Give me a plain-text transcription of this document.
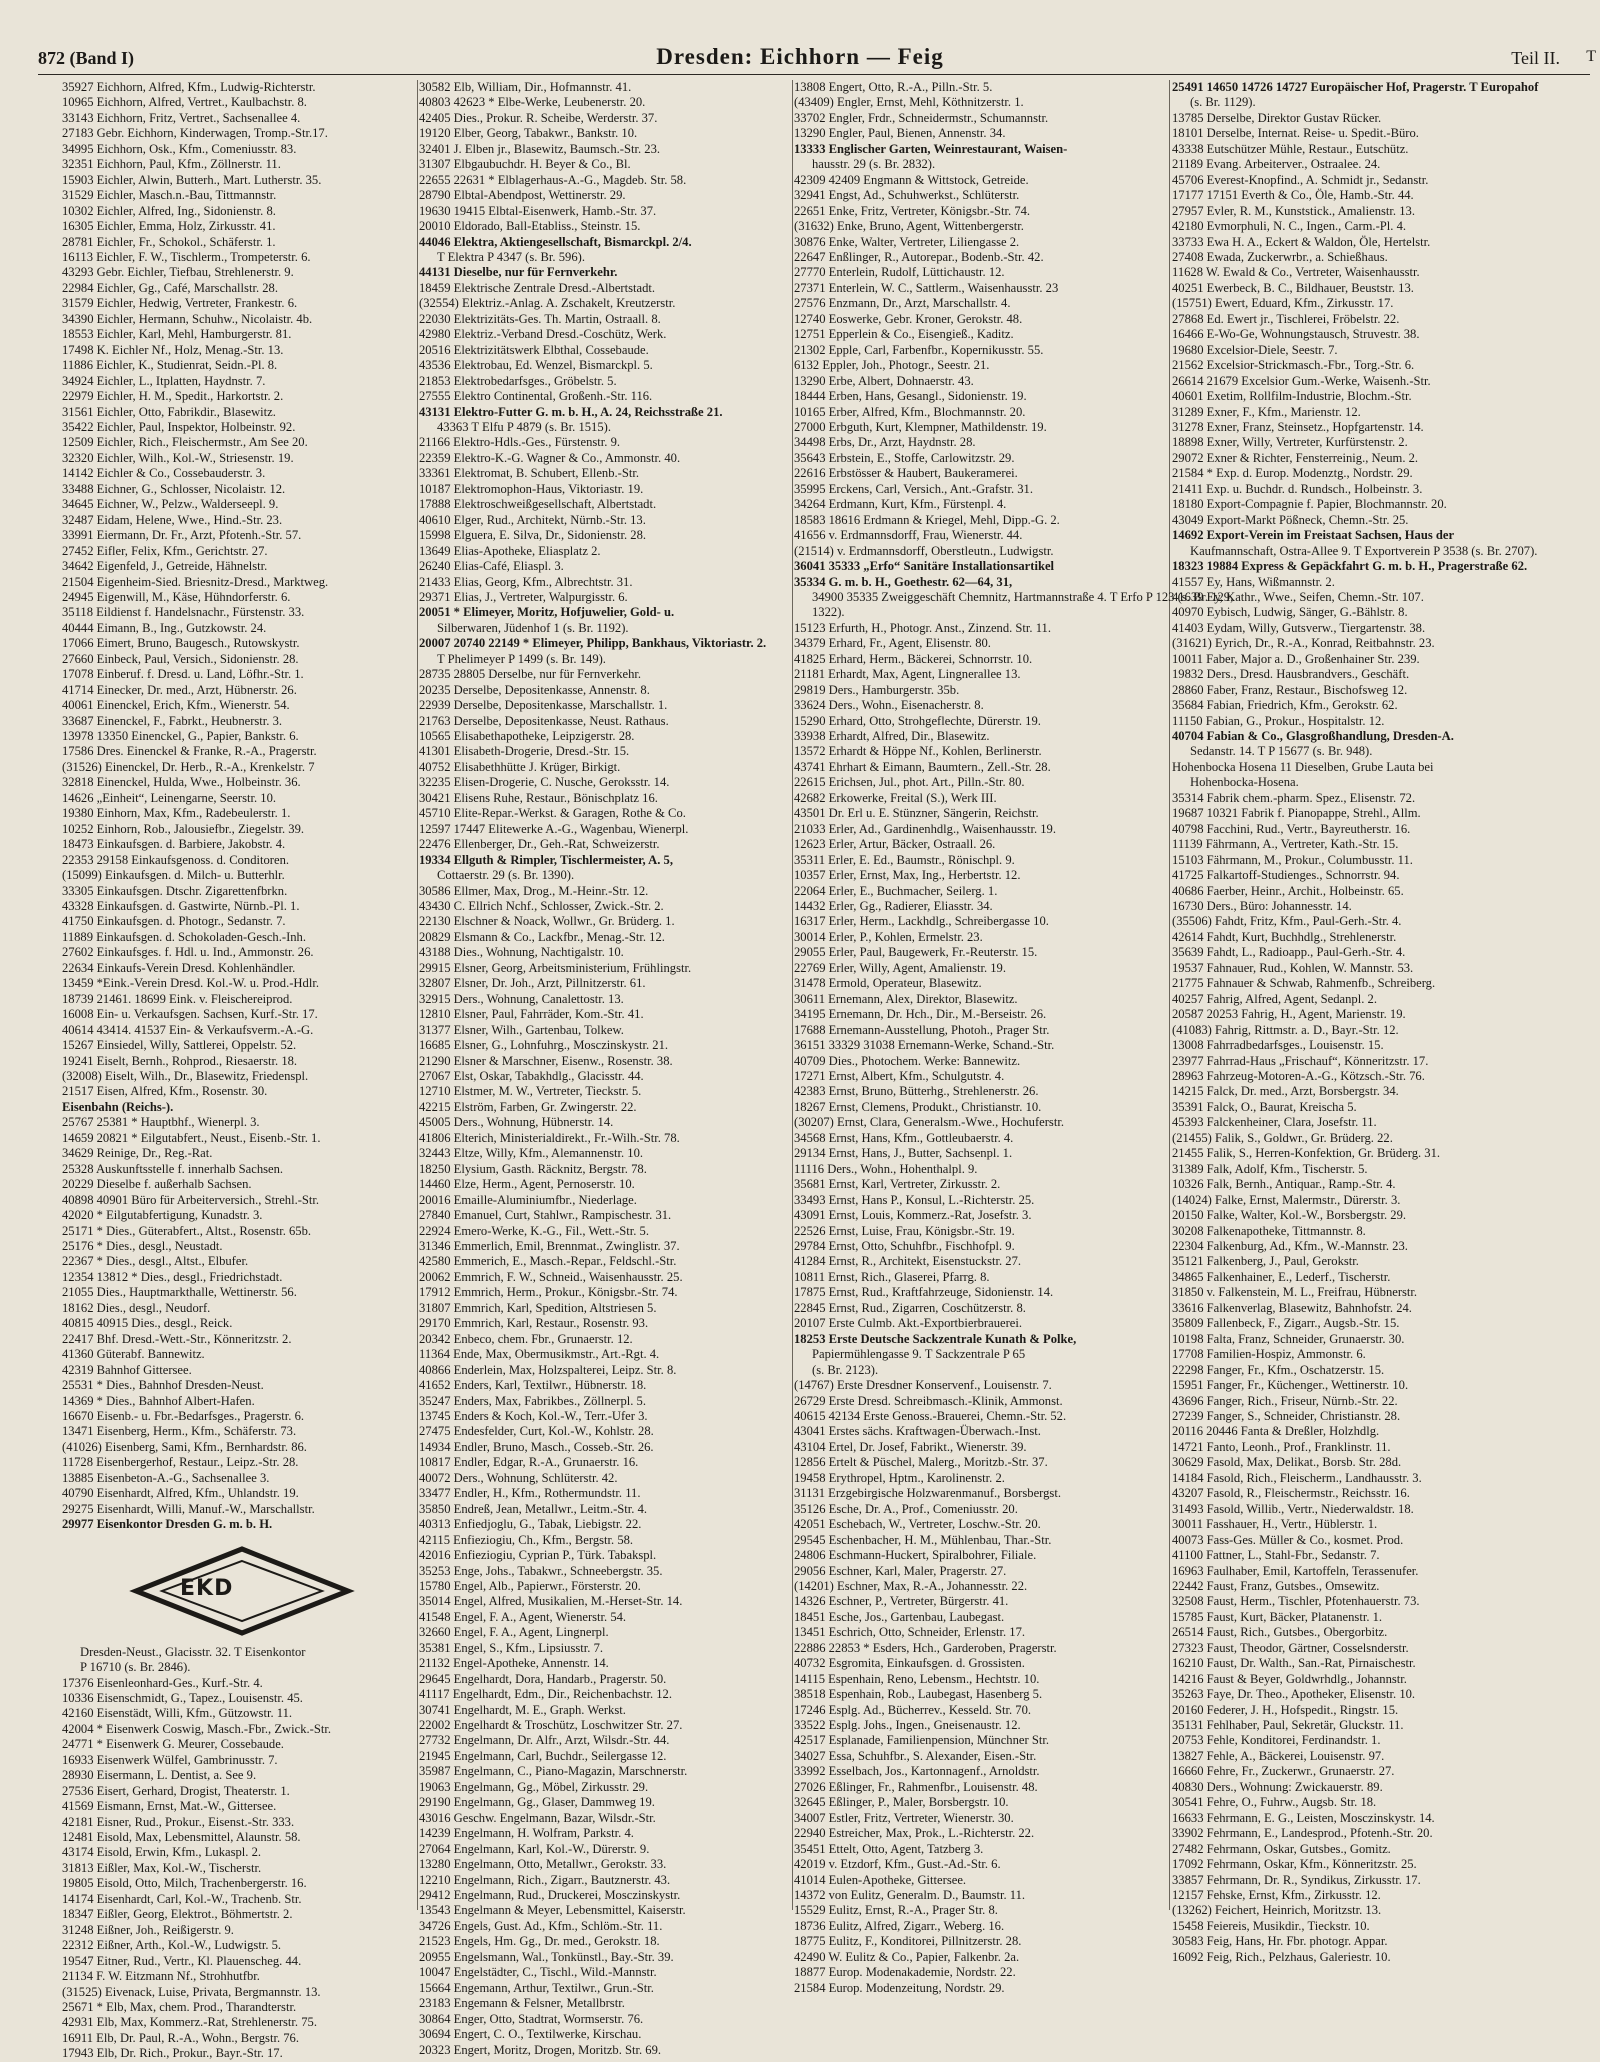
872 (Band I)	Dresden: Eichhorn — Feig	Teil II. T
35927 Eichhorn, Alfred, Kfm., Ludwig-Richterstr.
10965 Eichhorn, Alfred, Vertret., Kaulbachstr. 8.
33143 Eichhorn, Fritz, Vertret., Sachsenallee 4.
27183 Gebr. Eichhorn, Kinderwagen, Tromp.-Str.17.
34995 Eichhorn, Osk., Kfm., Comeniusstr. 83.
32351 Eichhorn, Paul, Kfm., Zöllnerstr. 11.
15903 Eichler, Alwin, Butterh., Mart. Lutherstr. 35.
31529 Eichler, Masch.n.-Bau, Tittmannstr.
10302 Eichler, Alfred, Ing., Sidonienstr. 8.
16305 Eichler, Emma, Holz, Zirkusstr. 41.
28781 Eichler, Fr., Schokol., Schäferstr. 1.
16113 Eichler, F. W., Tischlerm., Trompeterstr. 6.
43293 Gebr. Eichler, Tiefbau, Strehlenerstr. 9.
22984 Eichler, Gg., Café, Marschallstr. 28.
31579 Eichler, Hedwig, Vertreter, Frankestr. 6.
34390 Eichler, Hermann, Schuhw., Nicolaistr. 4b.
18553 Eichler, Karl, Mehl, Hamburgerstr. 81.
17498 K. Eichler Nf., Holz, Menag.-Str. 13.
11886 Eichler, K., Studienrat, Seidn.-Pl. 8.
34924 Eichler, L., Itplatten, Haydnstr. 7.
22979 Eichler, H. M., Spedit., Harkortstr. 2.
31561 Eichler, Otto, Fabrikdir., Blasewitz.
35422 Eichler, Paul, Inspektor, Holbeinstr. 92.
12509 Eichler, Rich., Fleischermstr., Am See 20.
32320 Eichler, Wilh., Kol.-W., Striesenstr. 19.
14142 Eichler & Co., Cossebauderstr. 3.
33488 Eichner, G., Schlosser, Nicolaistr. 12.
34645 Eichner, W., Pelzw., Walderseepl. 9.
32487 Eidam, Helene, Wwe., Hind.-Str. 23.
33991 Eiermann, Dr. Fr., Arzt, Pfotenh.-Str. 57.
27452 Eifler, Felix, Kfm., Gerichtstr. 27.
34642 Eigenfeld, J., Getreide, Hähnelstr.
21504 Eigenheim-Sied. Briesnitz-Dresd., Marktweg.
24945 Eigenwill, M., Käse, Hühndorferstr. 6.
35118 Eildienst f. Handelsnachr., Fürstenstr. 33.
40444 Eimann, B., Ing., Gutzkowstr. 24.
17066 Eimert, Bruno, Baugesch., Rutowskystr.
27660 Einbeck, Paul, Versich., Sidonienstr. 28.
17078 Einberuf. f. Dresd. u. Land, Löfhr.-Str. 1.
41714 Einecker, Dr. med., Arzt, Hübnerstr. 26.
40061 Einenckel, Erich, Kfm., Wienerstr. 54.
33687 Einenckel, F., Fabrkt., Heubnerstr. 3.
13978 13350 Einenckel, G., Papier, Bankstr. 6.
17586 Dres. Einenckel & Franke, R.-A., Pragerstr.
(31526) Einenckel, Dr. Herb., R.-A., Krenkelstr. 7
32818 Einenckel, Hulda, Wwe., Holbeinstr. 36.
14626 „Einheit“, Leinengarne, Seerstr. 10.
19380 Einhorn, Max, Kfm., Radebeulerstr. 1.
10252 Einhorn, Rob., Jalousiefbr., Ziegelstr. 39.
18473 Einkaufsgen. d. Barbiere, Jakobstr. 4.
22353 29158 Einkaufsgenoss. d. Conditoren.
(15099) Einkaufsgen. d. Milch- u. Butterhlr.
33305 Einkaufsgen. Dtschr. Zigarettenfbrkn.
43328 Einkaufsgen. d. Gastwirte, Nürnb.-Pl. 1.
41750 Einkaufsgen. d. Photogr., Sedanstr. 7.
11889 Einkaufsgen. d. Schokoladen-Gesch.-Inh.
27602 Einkaufsges. f. Hdl. u. Ind., Ammonstr. 26.
22634 Einkaufs-Verein Dresd. Kohlenhändler.
13459 *Eink.-Verein Dresd. Kol.-W. u. Prod.-Hdlr.
18739 21461. 18699 Eink. v. Fleischereiprod.
16008 Ein- u. Verkaufsgen. Sachsen, Kurf.-Str. 17.
40614 43414. 41537 Ein- & Verkaufsverm.-A.-G.
15267 Einsiedel, Willy, Sattlerei, Oppelstr. 52.
19241 Eiselt, Bernh., Rohprod., Riesaerstr. 18.
(32008) Eiselt, Wilh., Dr., Blasewitz, Friedenspl.
21517 Eisen, Alfred, Kfm., Rosenstr. 30.
Eisenbahn (Reichs-).
25767 25381 * Hauptbhf., Wienerpl. 3.
14659 20821 * Eilgutabfert., Neust., Eisenb.-Str. 1.
34629 Reinige, Dr., Reg.-Rat.
25328 Auskunftsstelle f. innerhalb Sachsen.
20229 Dieselbe f. außerhalb Sachsen.
40898 40901 Büro für Arbeiterversich., Strehl.-Str.
42020 * Eilgutabfertigung, Kunadstr. 3.
25171 * Dies., Güterabfert., Altst., Rosenstr. 65b.
25176 * Dies., desgl., Neustadt.
22367 * Dies., desgl., Altst., Elbufer.
12354 13812 * Dies., desgl., Friedrichstadt.
21055 Dies., Hauptmarkthalle, Wettinerstr. 56.
18162 Dies., desgl., Neudorf.
40815 40915 Dies., desgl., Reick.
22417 Bhf. Dresd.-Wett.-Str., Könneritzstr. 2.
41360 Güterabf. Bannewitz.
42319 Bahnhof Gittersee.
25531 * Dies., Bahnhof Dresden-Neust.
14369 * Dies., Bahnhof Albert-Hafen.
16670 Eisenb.- u. Fbr.-Bedarfsges., Pragerstr. 6.
13471 Eisenberg, Herm., Kfm., Schäferstr. 73.
(41026) Eisenberg, Sami, Kfm., Bernhardstr. 86.
11728 Eisenbergerhof, Restaur., Leipz.-Str. 28.
13885 Eisenbeton-A.-G., Sachsenallee 3.
40790 Eisenhardt, Alfred, Kfm., Uhlandstr. 19.
29275 Eisenhardt, Willi, Manuf.-W., Marschallstr.
29977 Eisenkontor Dresden G. m. b. H.
EKD
Dresden-Neust., Glacisstr. 32. T Eisenkontor
P 16710 (s. Br. 2846).
17376 Eisenleonhard-Ges., Kurf.-Str. 4.
10336 Eisenschmidt, G., Tapez., Louisenstr. 45.
42160 Eisenstädt, Willi, Kfm., Gützowstr. 11.
42004 * Eisenwerk Coswig, Masch.-Fbr., Zwick.-Str.
24771 * Eisenwerk G. Meurer, Cossebaude.
16933 Eisenwerk Wülfel, Gambrinusstr. 7.
28930 Eisermann, L. Dentist, a. See 9.
27536 Eisert, Gerhard, Drogist, Theaterstr. 1.
41569 Eismann, Ernst, Mat.-W., Gittersee.
42181 Eisner, Rud., Prokur., Eisenst.-Str. 333.
12481 Eisold, Max, Lebensmittel, Alaunstr. 58.
43174 Eisold, Erwin, Kfm., Lukaspl. 2.
31813 Eißler, Max, Kol.-W., Tischerstr.
19805 Eisold, Otto, Milch, Trachenbergerstr. 16.
14174 Eisenhardt, Carl, Kol.-W., Trachenb. Str.
18347 Eißler, Georg, Elektrot., Böhmertstr. 2.
31248 Eißner, Joh., Reißigerstr. 9.
22312 Eißner, Arth., Kol.-W., Ludwigstr. 5.
19547 Eitner, Rud., Vertr., Kl. Plauenscheg. 44.
21134 F. W. Eitzmann Nf., Strohhutfbr.
(31525) Eivenack, Luise, Privata, Bergmannstr. 13.
25671 * Elb, Max, chem. Prod., Tharandterstr.
42931 Elb, Max, Kommerz.-Rat, Strehlenerstr. 75.
16911 Elb, Dr. Paul, R.-A., Wohn., Bergstr. 76.
17943 Elb, Dr. Rich., Prokur., Bayr.-Str. 17.
30582 Elb, William, Dir., Hofmannstr. 41.
40803 42623 * Elbe-Werke, Leubenerstr. 20.
42405 Dies., Prokur. R. Scheibe, Werderstr. 37.
19120 Elber, Georg, Tabakwr., Bankstr. 10.
32401 J. Elben jr., Blasewitz, Baumsch.-Str. 23.
31307 Elbgaubuchdr. H. Beyer & Co., Bl.
22655 22631 * Elblagerhaus-A.-G., Magdeb. Str. 58.
28790 Elbtal-Abendpost, Wettinerstr. 29.
19630 19415 Elbtal-Eisenwerk, Hamb.-Str. 37.
20010 Eldorado, Ball-Etabliss., Steinstr. 15.
44046 Elektra, Aktiengesellschaft, Bismarckpl. 2/4.
T Elektra P 4347 (s. Br. 596).
44131 Dieselbe, nur für Fernverkehr.
18459 Elektrische Zentrale Dresd.-Albertstadt.
(32554) Elektriz.-Anlag. A. Zschakelt, Kreutzerstr.
22030 Elektrizitäts-Ges. Th. Martin, Ostraall. 8.
42980 Elektriz.-Verband Dresd.-Coschütz, Werk.
20516 Elektrizitätswerk Elbthal, Cossebaude.
43536 Elektrobau, Ed. Wenzel, Bismarckpl. 5.
21853 Elektrobedarfsges., Gröbelstr. 5.
27555 Elektro Continental, Großenh.-Str. 116.
43131 Elektro-Futter G. m. b. H., A. 24, Reichsstraße 21.
43363 T Elfu P 4879 (s. Br. 1515).
21166 Elektro-Hdls.-Ges., Fürstenstr. 9.
22359 Elektro-K.-G. Wagner & Co., Ammonstr. 40.
33361 Elektromat, B. Schubert, Ellenb.-Str.
10187 Elektromophon-Haus, Viktoriastr. 19.
17888 Elektroschweißgesellschaft, Albertstadt.
40610 Elger, Rud., Architekt, Nürnb.-Str. 13.
15998 Elguera, E. Silva, Dr., Sidonienstr. 28.
13649 Elias-Apotheke, Eliasplatz 2.
26240 Elias-Café, Eliaspl. 3.
21433 Elias, Georg, Kfm., Albrechtstr. 31.
29371 Elias, J., Vertreter, Walpurgisstr. 6.
20051 * Elimeyer, Moritz, Hofjuwelier, Gold- u.
Silberwaren, Jüdenhof 1 (s. Br. 1192).
20007 20740 22149 * Elimeyer, Philipp, Bankhaus, Viktoriastr. 2.
T Phelimeyer P 1499 (s. Br. 149).
28735 28805 Derselbe, nur für Fernverkehr.
20235 Derselbe, Depositenkasse, Annenstr. 8.
22939 Derselbe, Depositenkasse, Marschallstr. 1.
21763 Derselbe, Depositenkasse, Neust. Rathaus.
10565 Elisabethapotheke, Leipzigerstr. 28.
41301 Elisabeth-Drogerie, Dresd.-Str. 15.
40752 Elisabethhütte J. Krüger, Birkigt.
32235 Elisen-Drogerie, C. Nusche, Geroksstr. 14.
30421 Elisens Ruhe, Restaur., Bönischplatz 16.
45710 Elite-Repar.-Werkst. & Garagen, Rothe & Co.
12597 17447 Elitewerke A.-G., Wagenbau, Wienerpl.
22476 Ellenberger, Dr., Geh.-Rat, Schweizerstr.
19334 Ellguth & Rimpler, Tischlermeister, A. 5,
Cottaerstr. 29 (s. Br. 1390).
30586 Ellmer, Max, Drog., M.-Heinr.-Str. 12.
43430 C. Ellrich Nchf., Schlosser, Zwick.-Str. 2.
22130 Elschner & Noack, Wollwr., Gr. Brüderg. 1.
20829 Elsmann & Co., Lackfbr., Menag.-Str. 12.
43188 Dies., Wohnung, Nachtigalstr. 10.
29915 Elsner, Georg, Arbeitsministerium, Frühlingstr.
32807 Elsner, Dr. Joh., Arzt, Pillnitzerstr. 61.
32915 Ders., Wohnung, Canalettostr. 13.
12810 Elsner, Paul, Fahrräder, Kom.-Str. 41.
31377 Elsner, Wilh., Gartenbau, Tolkew.
16685 Elsner, G., Lohnfuhrg., Mosczinskystr. 21.
21290 Elsner & Marschner, Eisenw., Rosenstr. 38.
27067 Elst, Oskar, Tabakhdlg., Glacisstr. 44.
12710 Elstmer, M. W., Vertreter, Tieckstr. 5.
42215 Elström, Farben, Gr. Zwingerstr. 22.
45005 Ders., Wohnung, Hübnerstr. 14.
41806 Elterich, Ministerialdirekt., Fr.-Wilh.-Str. 78.
32443 Eltze, Willy, Kfm., Alemannenstr. 10.
18250 Elysium, Gasth. Räcknitz, Bergstr. 78.
14460 Elze, Herm., Agent, Pernoserstr. 10.
20016 Emaille-Aluminiumfbr., Niederlage.
27840 Emanuel, Curt, Stahlwr., Rampischestr. 31.
22924 Emero-Werke, K.-G., Fil., Wett.-Str. 5.
31346 Emmerlich, Emil, Brennmat., Zwinglistr. 37.
42580 Emmerich, E., Masch.-Repar., Feldschl.-Str.
20062 Emmrich, F. W., Schneid., Waisenhausstr. 25.
17912 Emmrich, Herm., Prokur., Königsbr.-Str. 74.
31807 Emmrich, Karl, Spedition, Altstriesen 5.
29170 Emmrich, Karl, Restaur., Rosenstr. 93.
20342 Enbeco, chem. Fbr., Grunaerstr. 12.
11364 Ende, Max, Obermusikmstr., Art.-Rgt. 4.
40866 Enderlein, Max, Holzspalterei, Leipz. Str. 8.
41652 Enders, Karl, Textilwr., Hübnerstr. 18.
35247 Enders, Max, Fabrikbes., Zöllnerpl. 5.
13745 Enders & Koch, Kol.-W., Terr.-Ufer 3.
27475 Endesfelder, Curt, Kol.-W., Kohlstr. 28.
14934 Endler, Bruno, Masch., Cosseb.-Str. 26.
10817 Endler, Edgar, R.-A., Grunaerstr. 16.
40072 Ders., Wohnung, Schlüterstr. 42.
33477 Endler, H., Kfm., Rothermundstr. 11.
35850 Endreß, Jean, Metallwr., Leitm.-Str. 4.
40313 Enfiedjoglu, G., Tabak, Liebigstr. 22.
42115 Enfieziogiu, Ch., Kfm., Bergstr. 58.
42016 Enfieziogiu, Cyprian P., Türk. Tabakspl.
35253 Enge, Johs., Tabakwr., Schneebergstr. 35.
15780 Engel, Alb., Papierwr., Försterstr. 20.
35014 Engel, Alfred, Musikalien, M.-Herset-Str. 14.
41548 Engel, F. A., Agent, Wienerstr. 54.
32660 Engel, F. A., Agent, Lingnerpl.
35381 Engel, S., Kfm., Lipsiusstr. 7.
21132 Engel-Apotheke, Annenstr. 14.
29645 Engelhardt, Dora, Handarb., Pragerstr. 50.
41117 Engelhardt, Edm., Dir., Reichenbachstr. 12.
30741 Engelhardt, M. E., Graph. Werkst.
22002 Engelhardt & Troschütz, Loschwitzer Str. 27.
27732 Engelmann, Dr. Alfr., Arzt, Wilsdr.-Str. 44.
21945 Engelmann, Carl, Buchdr., Seilergasse 12.
35987 Engelmann, C., Piano-Magazin, Marschnerstr.
19063 Engelmann, Gg., Möbel, Zirkusstr. 29.
29190 Engelmann, Gg., Glaser, Dammweg 19.
43016 Geschw. Engelmann, Bazar, Wilsdr.-Str.
14239 Engelmann, H. Wolfram, Parkstr. 4.
27064 Engelmann, Karl, Kol.-W., Dürerstr. 9.
13280 Engelmann, Otto, Metallwr., Gerokstr. 33.
12210 Engelmann, Rich., Zigarr., Bautznerstr. 43.
29412 Engelmann, Rud., Druckerei, Mosczinskystr.
13543 Engelmann & Meyer, Lebensmittel, Kaiserstr.
34726 Engels, Gust. Ad., Kfm., Schlöm.-Str. 11.
21523 Engels, Hm. Gg., Dr. med., Gerokstr. 18.
20955 Engelsmann, Wal., Tonkünstl., Bay.-Str. 39.
10047 Engelstädter, C., Tischl., Wild.-Mannstr.
15664 Engemann, Arthur, Textilwr., Grun.-Str.
23183 Engemann & Felsner, Metallbrstr.
30864 Enger, Otto, Stadtrat, Wormserstr. 76.
30694 Engert, C. O., Textilwerke, Kirschau.
20323 Engert, Moritz, Drogen, Moritzb. Str. 69.
13808 Engert, Otto, R.-A., Pilln.-Str. 5.
(43409) Engler, Ernst, Mehl, Köthnitzerstr. 1.
33702 Engler, Frdr., Schneidermstr., Schumannstr.
13290 Engler, Paul, Bienen, Annenstr. 34.
13333 Englischer Garten, Weinrestaurant, Waisen-
hausstr. 29 (s. Br. 2832).
42309 42409 Engmann & Wittstock, Getreide.
32941 Engst, Ad., Schuhwerkst., Schlüterstr.
22651 Enke, Fritz, Vertreter, Königsbr.-Str. 74.
(31632) Enke, Bruno, Agent, Wittenbergerstr.
30876 Enke, Walter, Vertreter, Liliengasse 2.
22647 Enßlinger, R., Autorepar., Bodenb.-Str. 42.
27770 Enterlein, Rudolf, Lüttichaustr. 12.
27371 Enterlein, W. C., Sattlerm., Waisenhausstr. 23
27576 Enzmann, Dr., Arzt, Marschallstr. 4.
12740 Eoswerke, Gebr. Kroner, Gerokstr. 48.
12751 Epperlein & Co., Eisengieß., Kaditz.
21302 Epple, Carl, Farbenfbr., Kopernikusstr. 55.
6132 Eppler, Joh., Photogr., Seestr. 21.
13290 Erbe, Albert, Dohnaerstr. 43.
18444 Erben, Hans, Gesangl., Sidonienstr. 19.
10165 Erber, Alfred, Kfm., Blochmannstr. 20.
27000 Erbguth, Kurt, Klempner, Mathildenstr. 19.
34498 Erbs, Dr., Arzt, Haydnstr. 28.
35643 Erbstein, E., Stoffe, Carlowitzstr. 29.
22616 Erbstösser & Haubert, Baukeramerei.
35995 Erckens, Carl, Versich., Ant.-Grafstr. 31.
34264 Erdmann, Kurt, Kfm., Fürstenpl. 4.
18583 18616 Erdmann & Kriegel, Mehl, Dipp.-G. 2.
41656 v. Erdmannsdorff, Frau, Wienerstr. 44.
(21514) v. Erdmannsdorff, Oberstleutn., Ludwigstr.
36041 35333 „Erfo“ Sanitäre Installationsartikel
35334 G. m. b. H., Goethestr. 62—64, 31,
34900 35335 Zweiggeschäft Chemnitz, Hartmannstraße 4. T Erfo P 123 (s. Br. 129,
1322).
15123 Erfurth, H., Photogr. Anst., Zinzend. Str. 11.
34379 Erhard, Fr., Agent, Elisenstr. 80.
41825 Erhard, Herm., Bäckerei, Schnorrstr. 10.
21181 Erhardt, Max, Agent, Lingnerallee 13.
29819 Ders., Hamburgerstr. 35b.
33624 Ders., Wohn., Eisenacherstr. 8.
15290 Erhard, Otto, Strohgeflechte, Dürerstr. 19.
33938 Erhardt, Alfred, Dir., Blasewitz.
13572 Erhardt & Höppe Nf., Kohlen, Berlinerstr.
43741 Ehrhart & Eimann, Baumtern., Zell.-Str. 28.
22615 Erichsen, Jul., phot. Art., Pilln.-Str. 80.
42682 Erkowerke, Freital (S.), Werk III.
43501 Dr. Erl u. E. Stünzner, Sängerin, Reichstr.
21033 Erler, Ad., Gardinenhdlg., Waisenhausstr. 19.
12623 Erler, Artur, Bäcker, Ostraall. 26.
35311 Erler, E. Ed., Baumstr., Rönischpl. 9.
10357 Erler, Ernst, Max, Ing., Herbertstr. 12.
22064 Erler, E., Buchmacher, Seilerg. 1.
14432 Erler, Gg., Radierer, Eliasstr. 34.
16317 Erler, Herm., Lackhdlg., Schreibergasse 10.
30014 Erler, P., Kohlen, Ermelstr. 23.
29055 Erler, Paul, Baugewerk, Fr.-Reuterstr. 15.
22769 Erler, Willy, Agent, Amalienstr. 19.
31478 Ermold, Operateur, Blasewitz.
30611 Ernemann, Alex, Direktor, Blasewitz.
34195 Ernemann, Dr. Hch., Dir., M.-Berseistr. 26.
17688 Ernemann-Ausstellung, Photoh., Prager Str.
36151 33329 31038 Ernemann-Werke, Schand.-Str.
40709 Dies., Photochem. Werke: Bannewitz.
17271 Ernst, Albert, Kfm., Schulgutstr. 4.
42383 Ernst, Bruno, Bütterhg., Strehlenerstr. 26.
18267 Ernst, Clemens, Produkt., Christianstr. 10.
(30207) Ernst, Clara, Generalsm.-Wwe., Hochuferstr.
34568 Ernst, Hans, Kfm., Gottleubaerstr. 4.
29134 Ernst, Hans, J., Butter, Sachsenpl. 1.
11116 Ders., Wohn., Hohenthalpl. 9.
35681 Ernst, Karl, Vertreter, Zirkusstr. 2.
33493 Ernst, Hans P., Konsul, L.-Richterstr. 25.
43091 Ernst, Louis, Kommerz.-Rat, Josefstr. 3.
22526 Ernst, Luise, Frau, Königsbr.-Str. 19.
29784 Ernst, Otto, Schuhfbr., Fischhofpl. 9.
41284 Ernst, R., Architekt, Eisenstuckstr. 27.
10811 Ernst, Rich., Glaserei, Pfarrg. 8.
17875 Ernst, Rud., Kraftfahrzeuge, Sidonienstr. 14.
22845 Ernst, Rud., Zigarren, Coschützerstr. 8.
20107 Erste Culmb. Akt.-Exportbierbrauerei.
18253 Erste Deutsche Sackzentrale Kunath & Polke,
Papiermühlengasse 9. T Sackzentrale P 65
(s. Br. 2123).
(14767) Erste Dresdner Konservenf., Louisenstr. 7.
26729 Erste Dresd. Schreibmasch.-Klinik, Ammonst.
40615 42134 Erste Genoss.-Brauerei, Chemn.-Str. 52.
43041 Erstes sächs. Kraftwagen-Überwach.-Inst.
43104 Ertel, Dr. Josef, Fabrikt., Wienerstr. 39.
12856 Ertelt & Püschel, Malerg., Moritzb.-Str. 37.
19458 Erythropel, Hptm., Karolinenstr. 2.
31131 Erzgebirgische Holzwarenmanuf., Borsbergst.
35126 Esche, Dr. A., Prof., Comeniusstr. 20.
42051 Eschebach, W., Vertreter, Loschw.-Str. 20.
29545 Eschenbacher, H. M., Mühlenbau, Thar.-Str.
24806 Eschmann-Huckert, Spiralbohrer, Filiale.
29056 Eschner, Karl, Maler, Pragerstr. 27.
(14201) Eschner, Max, R.-A., Johannesstr. 22.
14326 Eschner, P., Vertreter, Bürgerstr. 41.
18451 Esche, Jos., Gartenbau, Laubegast.
13451 Eschrich, Otto, Schneider, Erlenstr. 17.
22886 22853 * Esders, Hch., Garderoben, Pragerstr.
40732 Esgromita, Einkaufsgen. d. Grossisten.
14115 Espenhain, Reno, Lebensm., Hechtstr. 10.
38518 Espenhain, Rob., Laubegast, Hasenberg 5.
17246 Esplg. Ad., Bücherrev., Kesseld. Str. 70.
33522 Esplg. Johs., Ingen., Gneisenaustr. 12.
42517 Esplanade, Familienpension, Münchner Str.
34027 Essa, Schuhfbr., S. Alexander, Eisen.-Str.
33992 Esselbach, Jos., Kartonnagenf., Arnoldstr.
27026 Eßlinger, Fr., Rahmenfbr., Louisenstr. 48.
32645 Eßlinger, P., Maler, Borsbergstr. 10.
34007 Estler, Fritz, Vertreter, Wienerstr. 30.
22940 Estreicher, Max, Prok., L.-Richterstr. 22.
35451 Ettelt, Otto, Agent, Tatzberg 3.
42019 v. Etzdorf, Kfm., Gust.-Ad.-Str. 6.
41014 Eulen-Apotheke, Gittersee.
14372 von Eulitz, Generalm. D., Baumstr. 11.
15529 Eulitz, Ernst, R.-A., Prager Str. 8.
18736 Eulitz, Alfred, Zigarr., Weberg. 16.
18775 Eulitz, F., Konditorei, Pillnitzerstr. 28.
42490 W. Eulitz & Co., Papier, Falkenbr. 2a.
18877 Europ. Modenakademie, Nordstr. 22.
21584 Europ. Modenzeitung, Nordstr. 29.
25491 14650 14726 14727 Europäischer Hof, Pragerstr. T Europahof
(s. Br. 1129).
13785 Derselbe, Direktor Gustav Rücker.
18101 Derselbe, Internat. Reise- u. Spedit.-Büro.
43338 Eutschützer Mühle, Restaur., Eutschütz.
21189 Evang. Arbeiterver., Ostraalee. 24.
45706 Everest-Knopfind., A. Schmidt jr., Sedanstr.
17177 17151 Everth & Co., Öle, Hamb.-Str. 44.
27957 Evler, R. M., Kunststick., Amalienstr. 13.
42180 Evmorphuli, N. C., Ingen., Carm.-Pl. 4.
33733 Ewa H. A., Eckert & Waldon, Öle, Hertelstr.
27408 Ewada, Zuckerwrbr., a. Schießhaus.
11628 W. Ewald & Co., Vertreter, Waisenhausstr.
40251 Ewerbeck, B. C., Bildhauer, Beuststr. 13.
(15751) Ewert, Eduard, Kfm., Zirkusstr. 17.
27868 Ed. Ewert jr., Tischlerei, Fröbelstr. 22.
16466 E-Wo-Ge, Wohnungstausch, Struvestr. 38.
19680 Excelsior-Diele, Seestr. 7.
21562 Excelsior-Strickmasch.-Fbr., Torg.-Str. 6.
26614 21679 Excelsior Gum.-Werke, Waisenh.-Str.
40601 Exetim, Rollfilm-Industrie, Blochm.-Str.
31289 Exner, F., Kfm., Marienstr. 12.
31278 Exner, Franz, Steinsetz., Hopfgartenstr. 14.
18898 Exner, Willy, Vertreter, Kurfürstenstr. 2.
29072 Exner & Richter, Fensterreinig., Neum. 2.
21584 * Exp. d. Europ. Modenztg., Nordstr. 29.
21411 Exp. u. Buchdr. d. Rundsch., Holbeinstr. 3.
18180 Export-Compagnie f. Papier, Blochmannstr. 20.
43049 Export-Markt Pößneck, Chemn.-Str. 25.
14692 Export-Verein im Freistaat Sachsen, Haus der
Kaufmannschaft, Ostra-Allee 9. T Exportverein P 3538 (s. Br. 2707).
18323 19884 Express & Gepäckfahrt G. m. b. H., Pragerstraße 62.
41557 Ey, Hans, Wißmannstr. 2.
41639 Ey, Kathr., Wwe., Seifen, Chemn.-Str. 107.
40970 Eybisch, Ludwig, Sänger, G.-Bählstr. 8.
41403 Eydam, Willy, Gutsverw., Tiergartenstr. 38.
(31621) Eyrich, Dr., R.-A., Konrad, Reitbahnstr. 23.
10011 Faber, Major a. D., Großenhainer Str. 239.
19832 Ders., Dresd. Hausbrandvers., Geschäft.
28860 Faber, Franz, Restaur., Bischofsweg 12.
35684 Fabian, Friedrich, Kfm., Gerokstr. 62.
11150 Fabian, G., Prokur., Hospitalstr. 12.
40704 Fabian & Co., Glasgroßhandlung, Dresden-A.
Sedanstr. 14. T P 15677 (s. Br. 948).
Hohenbocka Hosena 11 Dieselben, Grube Lauta bei
Hohenbocka-Hosena.
35314 Fabrik chem.-pharm. Spez., Elisenstr. 72.
19687 10321 Fabrik f. Pianopappe, Strehl., Allm.
40798 Facchini, Rud., Vertr., Bayreutherstr. 16.
11139 Fährmann, A., Vertreter, Kath.-Str. 15.
15103 Fährmann, M., Prokur., Columbusstr. 11.
41725 Falkartoff-Studienges., Schnorrstr. 94.
40686 Faerber, Heinr., Archit., Holbeinstr. 65.
16730 Ders., Büro: Johannesstr. 14.
(35506) Fahdt, Fritz, Kfm., Paul-Gerh.-Str. 4.
42614 Fahdt, Kurt, Buchhdlg., Strehlenerstr.
35639 Fahdt, L., Radioapp., Paul-Gerh.-Str. 4.
19537 Fahnauer, Rud., Kohlen, W. Mannstr. 53.
21775 Fahnauer & Schwab, Rahmenfb., Schreiberg.
40257 Fahrig, Alfred, Agent, Sedanpl. 2.
20587 20253 Fahrig, H., Agent, Marienstr. 19.
(41083) Fahrig, Rittmstr. a. D., Bayr.-Str. 12.
13008 Fahrradbedarfsges., Louisenstr. 15.
23977 Fahrrad-Haus „Frischauf“, Könneritzstr. 17.
28963 Fahrzeug-Motoren-A.-G., Kötzsch.-Str. 76.
14215 Falck, Dr. med., Arzt, Borsbergstr. 34.
35391 Falck, O., Baurat, Kreischa 5.
45393 Falckenheiner, Clara, Josefstr. 11.
(21455) Falik, S., Goldwr., Gr. Brüderg. 22.
21455 Falik, S., Herren-Konfektion, Gr. Brüderg. 31.
31389 Falk, Adolf, Kfm., Tischerstr. 5.
10326 Falk, Bernh., Antiquar., Ramp.-Str. 4.
(14024) Falke, Ernst, Malermstr., Dürerstr. 3.
20150 Falke, Walter, Kol.-W., Borsbergstr. 29.
30208 Falkenapotheke, Tittmannstr. 8.
22304 Falkenburg, Ad., Kfm., W.-Mannstr. 23.
35121 Falkenberg, J., Paul, Gerokstr.
34865 Falkenhainer, E., Lederf., Tischerstr.
31850 v. Falkenstein, M. L., Freifrau, Hübnerstr.
33616 Falkenverlag, Blasewitz, Bahnhofstr. 24.
35809 Fallenbeck, F., Zigarr., Augsb.-Str. 15.
10198 Falta, Franz, Schneider, Grunaerstr. 30.
17708 Familien-Hospiz, Ammonstr. 6.
22298 Fanger, Fr., Kfm., Oschatzerstr. 15.
15951 Fanger, Fr., Küchenger., Wettinerstr. 10.
43696 Fanger, Rich., Friseur, Nürnb.-Str. 22.
27239 Fanger, S., Schneider, Christianstr. 28.
20116 20446 Fanta & Dreßler, Holzhdlg.
14721 Fanto, Leonh., Prof., Franklinstr. 11.
30629 Fasold, Max, Delikat., Borsb. Str. 28d.
14184 Fasold, Rich., Fleischerm., Landhausstr. 3.
43207 Fasold, R., Fleischermstr., Reichsstr. 16.
31493 Fasold, Willib., Vertr., Niederwaldstr. 18.
30011 Fasshauer, H., Vertr., Hüblerstr. 1.
40073 Fass-Ges. Müller & Co., kosmet. Prod.
41100 Fattner, L., Stahl-Fbr., Sedanstr. 7.
16963 Faulhaber, Emil, Kartoffeln, Terassenufer.
22442 Faust, Franz, Gutsbes., Omsewitz.
32508 Faust, Herm., Tischler, Pfotenhauerstr. 73.
15785 Faust, Kurt, Bäcker, Platanenstr. 1.
26514 Faust, Rich., Gutsbes., Obergorbitz.
27323 Faust, Theodor, Gärtner, Cosselsnderstr.
16210 Faust, Dr. Walth., San.-Rat, Pirnaischestr.
14216 Faust & Beyer, Goldwrhdlg., Johannstr.
35263 Faye, Dr. Theo., Apotheker, Elisenstr. 10.
20160 Federer, J. H., Hofspedit., Ringstr. 15.
35131 Fehlhaber, Paul, Sekretär, Gluckstr. 11.
20753 Fehle, Konditorei, Ferdinandstr. 1.
13827 Fehle, A., Bäckerei, Louisenstr. 97.
16660 Fehre, Fr., Zuckerwr., Grunaerstr. 27.
40830 Ders., Wohnung: Zwickauerstr. 89.
30541 Fehre, O., Fuhrw., Augsb. Str. 18.
16633 Fehrmann, E. G., Leisten, Mosczinskystr. 14.
33902 Fehrmann, E., Landesprod., Pfotenh.-Str. 20.
27482 Fehrmann, Oskar, Gutsbes., Gomitz.
17092 Fehrmann, Oskar, Kfm., Könneritzstr. 25.
33857 Fehrmann, Dr. R., Syndikus, Zirkusstr. 17.
12157 Fehske, Ernst, Kfm., Zirkusstr. 12.
(13262) Feichert, Heinrich, Moritzstr. 13.
15458 Feiereis, Musikdir., Tieckstr. 10.
30583 Feig, Hans, Hr. Fbr. photogr. Appar.
16092 Feig, Rich., Pelzhaus, Galeriestr. 10.
